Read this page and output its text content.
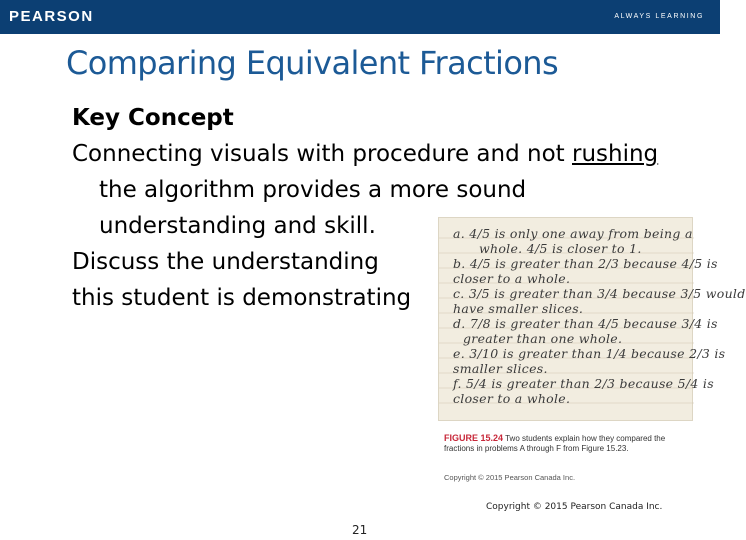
PEARSON	ALWAYS LEARNING
Comparing Equivalent Fractions
Key Concept
Connecting visuals with procedure and not rushing
the algorithm provides a more sound
understanding and skill.
Discuss the understanding
this student is demonstrating
a. 4/5 is only one away from being a
whole. 4/5 is closer to 1.
b. 4/5 is greater than 2/3 because 4/5 is
closer to a whole.
c. 3/5 is greater than 3/4 because 3/5 would
have smaller slices.
d. 7/8 is greater than 4/5 because 3/4 is
greater than one whole.
e. 3/10 is greater than 1/4 because 2/3 is
smaller slices.
f. 5/4 is greater than 2/3 because 5/4 is
closer to a whole.
FIGURE 15.24 Two students explain how they compared the fractions in problems A through F from Figure 15.23.
Copyright © 2015 Pearson Canada Inc.
Copyright © 2015 Pearson Canada Inc.
21
